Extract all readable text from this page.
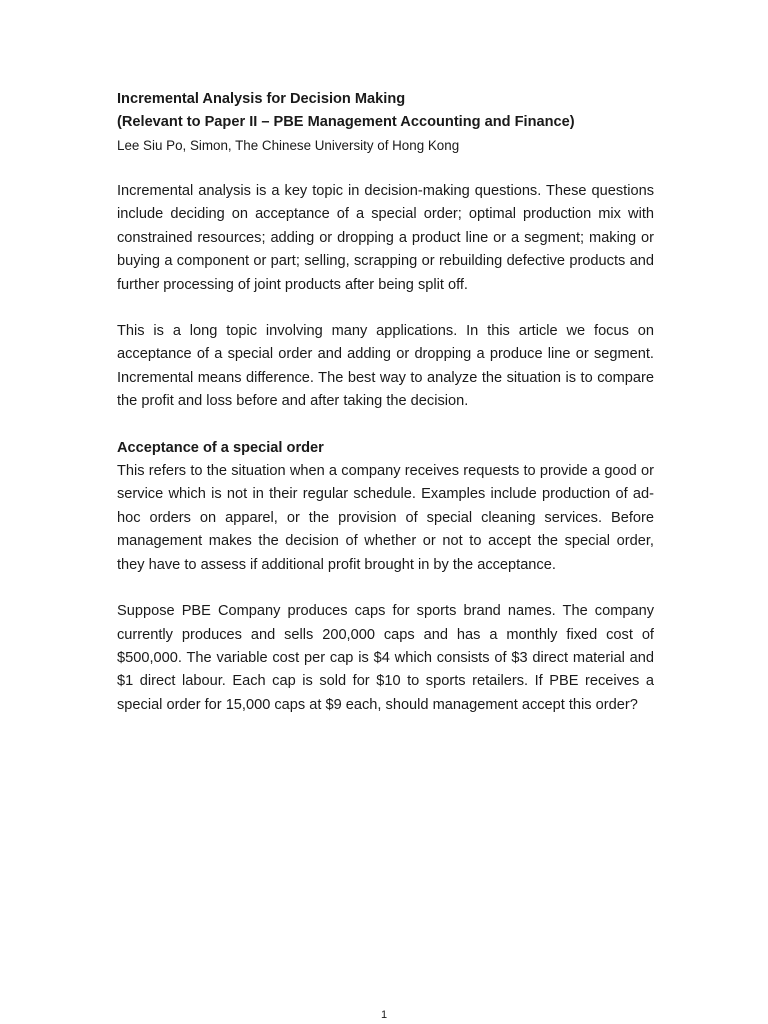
Incremental Analysis for Decision Making

(Relevant to Paper II – PBE Management Accounting and Finance)

Lee Siu Po, Simon, The Chinese University of Hong Kong

Incremental analysis is a key topic in decision-making questions. These questions include deciding on acceptance of a special order; optimal production mix with constrained resources; adding or dropping a product line or a segment; making or buying a component or part; selling, scrapping or rebuilding defective products and further processing of joint products after being split off.

This is a long topic involving many applications. In this article we focus on acceptance of a special order and adding or dropping a produce line or segment. Incremental means difference. The best way to analyze the situation is to compare the profit and loss before and after taking the decision.

Acceptance of a special order

This refers to the situation when a company receives requests to provide a good or service which is not in their regular schedule. Examples include production of ad-hoc orders on apparel, or the provision of special cleaning services. Before management makes the decision of whether or not to accept the special order, they have to assess if additional profit brought in by the acceptance.

Suppose PBE Company produces caps for sports brand names. The company currently produces and sells 200,000 caps and has a monthly fixed cost of $500,000. The variable cost per cap is $4 which consists of $3 direct material and $1 direct labour. Each cap is sold for $10 to sports retailers. If PBE receives a special order for 15,000 caps at $9 each, should management accept this order?

1
